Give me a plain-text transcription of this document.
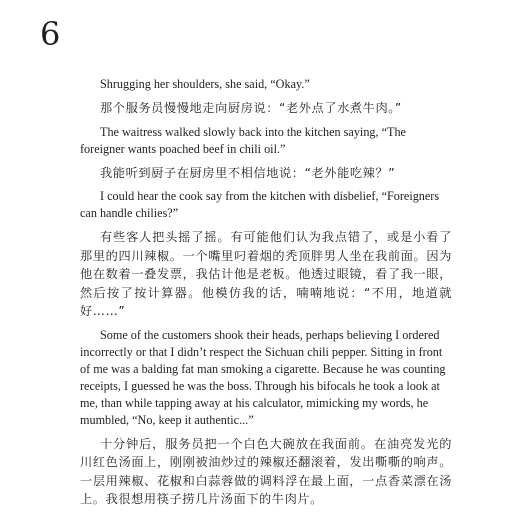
6

Shrugging her shoulders, she said, “Okay.”

那个服务员慢慢地走向厨房说：“老外点了水煮牛肉。”

The waitress walked slowly back into the kitchen saying, “The foreigner wants poached beef in chili oil.”

我能听到厨子在厨房里不相信地说：“老外能吃辣？”

I could hear the cook say from the kitchen with disbelief, “Foreigners can handle chilies?”

有些客人把头摇了摇。有可能他们认为我点错了，或是小看了那里的四川辣椒。一个嘴里叼着烟的秃顶胖男人坐在我前面。因为他在数着一叠发票，我估计他是老板。他透过眼镜，看了我一眼，然后按了按计算器。他模仿我的话，喃喃地说：“不用，地道就好……”

Some of the customers shook their heads, perhaps believing I ordered incorrectly or that I didn’t respect the Sichuan chili pepper. Sitting in front of me was a balding fat man smoking a cigarette. Because he was counting receipts, I guessed he was the boss. Through his bifocals he took a look at me, than while tapping away at his calculator, mimicking my words, he mumbled, “No, keep it authentic...”

十分钟后，服务员把一个白色大碗放在我面前。在油亮发光的川红色汤面上，刚刚被油炒过的辣椒还翻滚着，发出嘶嘶的响声。一层用辣椒、花椒和白蒜蓉做的调料浮在最上面，一点香菜漂在汤上。我很想用筷子捞几片汤面下的牛肉片。
